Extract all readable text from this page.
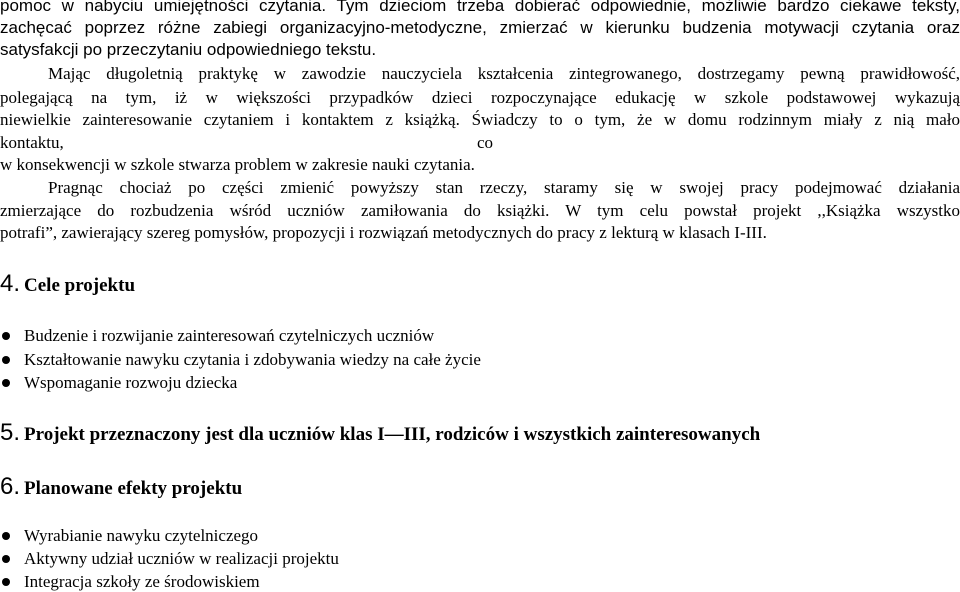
pomoc w nabyciu umiejętności czytania. Tym dzieciom trzeba dobierać odpowiednie, możliwie bardzo ciekawe teksty,

zachęcać poprzez różne zabiegi organizacyjno-metodyczne, zmierzać w kierunku budzenia motywacji czytania oraz

satysfakcji po przeczytaniu odpowiedniego tekstu.

Mając długoletnią praktykę w zawodzie nauczyciela kształcenia zintegrowanego, dostrzegamy pewną prawidłowość,

polegającą na tym, iż w większości przypadków dzieci rozpoczynające edukację w szkole podstawowej wykazują

niewielkie zainteresowanie czytaniem i kontaktem z książką. Świadczy to o tym, że w domu rodzinnym miały z nią mało

kontaktu,	co

w konsekwencji w szkole stwarza problem w zakresie nauki czytania.

Pragnąc chociaż po części zmienić powyższy stan rzeczy, staramy się w swojej pracy podejmować działania

zmierzające do rozbudzenia wśród uczniów zamiłowania do książki. W tym celu powstał projekt ,,Książka wszystko

potrafi”, zawierający szereg pomysłów, propozycji i rozwiązań metodycznych do pracy z lekturą w klasach I-III.

4. Cele projektu
Budzenie i rozwijanie zainteresowań czytelniczych uczniów
Kształtowanie nawyku czytania i zdobywania wiedzy na całe życie
Wspomaganie rozwoju dziecka
5. Projekt przeznaczony jest dla uczniów klas I—III, rodziców i wszystkich zainteresowanych
6. Planowane efekty projektu
Wyrabianie nawyku czytelniczego
Aktywny udział uczniów w realizacji projektu
Integracja szkoły ze środowiskiem
